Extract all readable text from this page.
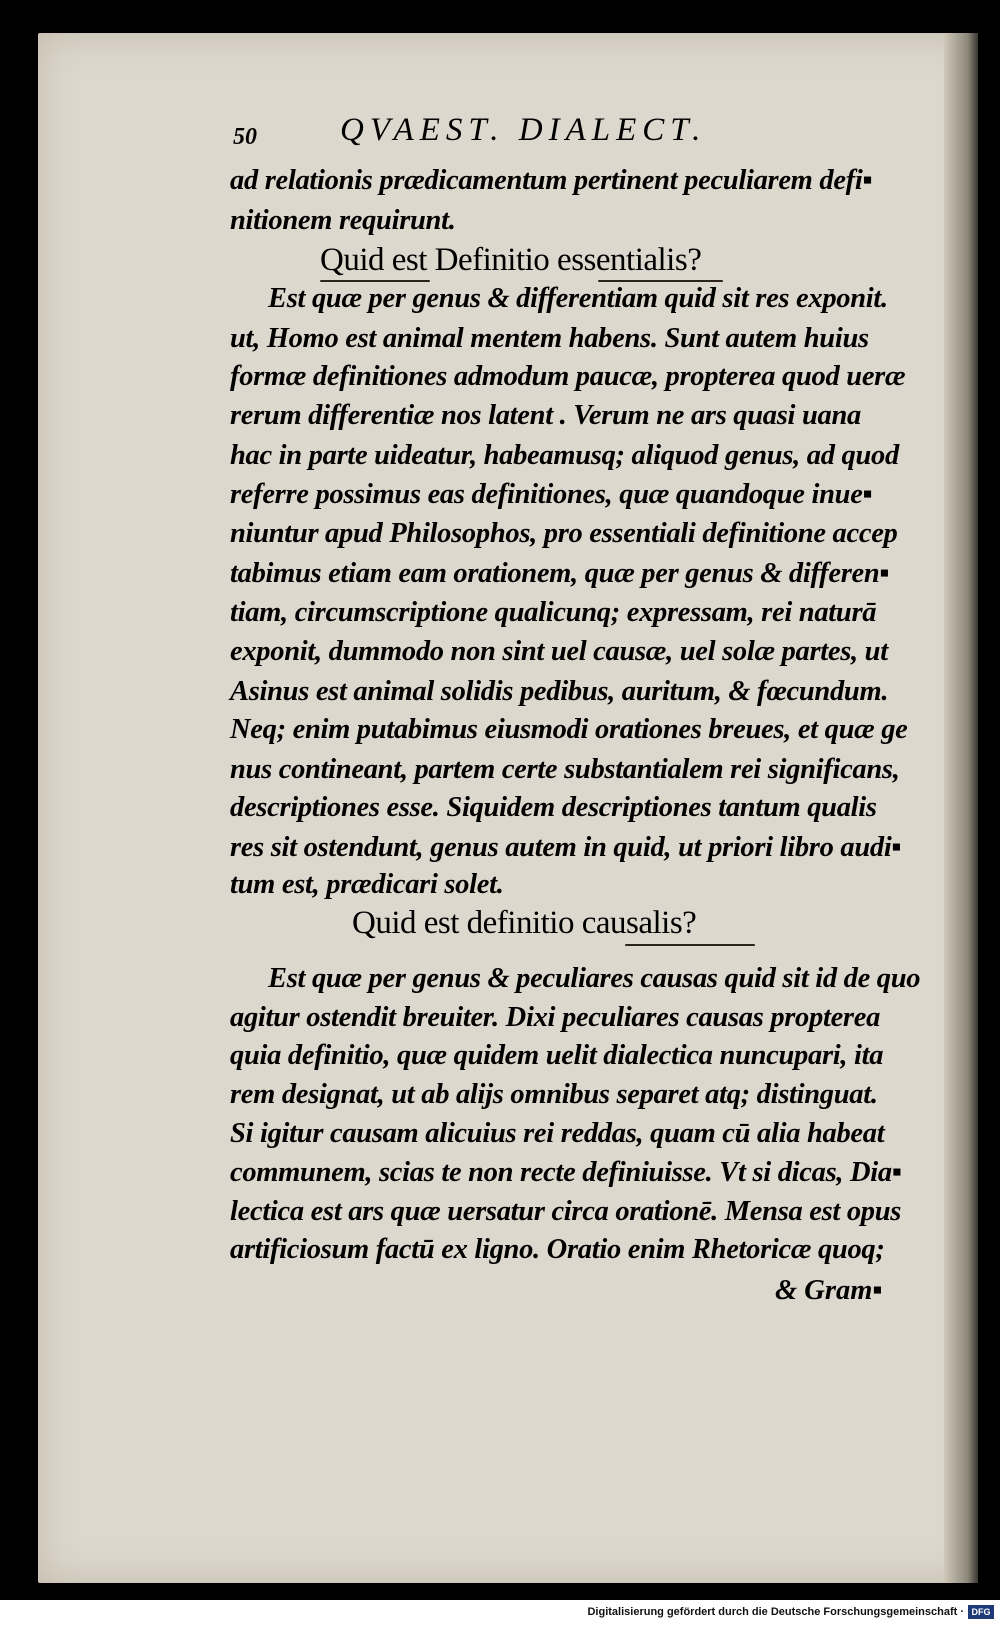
50	QVAEST. DIALECT.
ad relationis prædicamentum pertinent peculiarem defi▪
nitionem requirunt.
Quid est Definitio essentialis?
Est quæ per genus & differentiam quid sit res exponit.
ut, Homo est animal mentem habens. Sunt autem huius
formæ definitiones admodum paucæ, propterea quod ueræ
rerum differentiæ nos latent . Verum ne ars quasi uana
hac in parte uideatur, habeamusq; aliquod genus, ad quod
referre possimus eas definitiones, quæ quandoque inue▪
niuntur apud Philosophos, pro essentiali definitione accep
tabimus etiam eam orationem, quæ per genus & differen▪
tiam, circumscriptione qualicunq; expressam, rei naturā
exponit, dummodo non sint uel causæ, uel solæ partes, ut
Asinus est animal solidis pedibus, auritum, & fœcundum.
Neq; enim putabimus eiusmodi orationes breues, et quæ ge
nus contineant, partem certe substantialem rei significans,
descriptiones esse. Siquidem descriptiones tantum qualis
res sit ostendunt, genus autem in quid, ut priori libro audi▪
tum est, prædicari solet.
Quid est definitio causalis?
Est quæ per genus & peculiares causas quid sit id de quo
agitur ostendit breuiter. Dixi peculiares causas propterea
quia definitio, quæ quidem uelit dialectica nuncupari, ita
rem designat, ut ab alijs omnibus separet atq; distinguat.
Si igitur causam alicuius rei reddas, quam cū alia habeat
communem, scias te non recte definiuisse. Vt si dicas, Dia▪
lectica est ars quæ uersatur circa orationē. Mensa est opus
artificiosum factū ex ligno. Oratio enim Rhetoricæ quoq;
& Gram▪
Digitalisierung gefördert durch die Deutsche Forschungsgemeinschaft · DFG
